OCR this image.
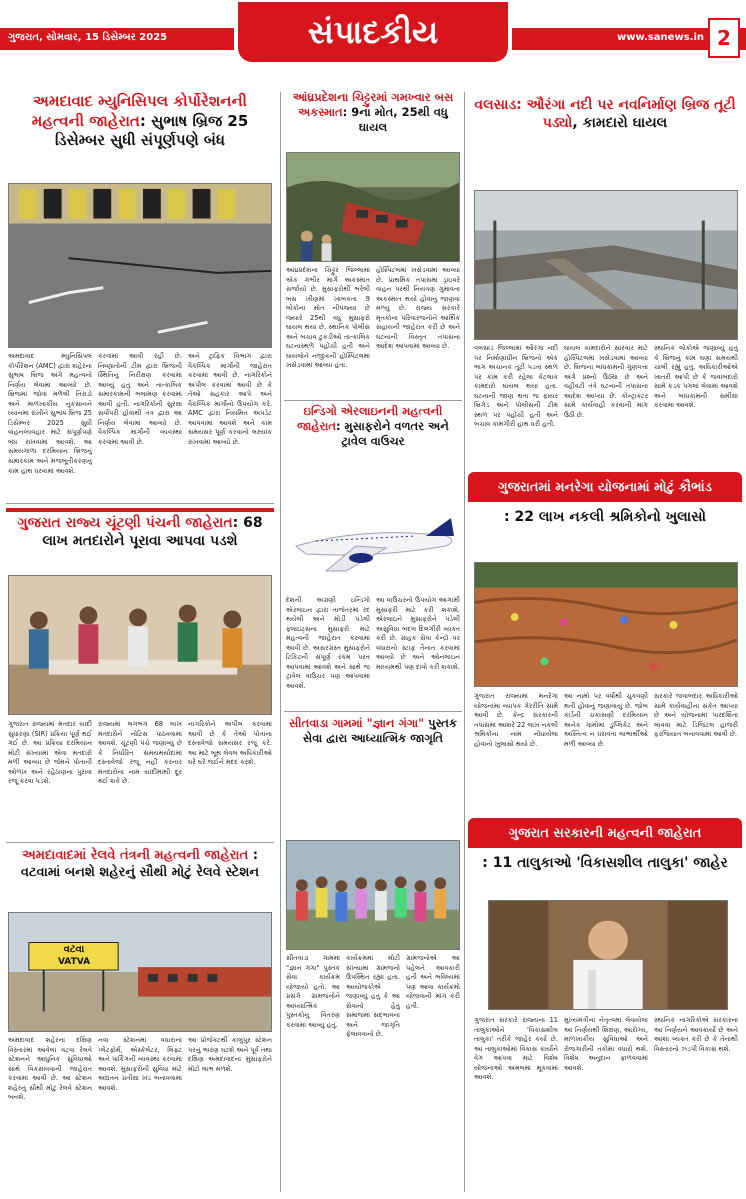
ગુજરાત, સોમવાર, 15 ડિસેમ્બર 2025	www.sanews.in 2
સંપાદકીય
અમદાવાદ મ્યુનિસિપલ કોર્પોરેશનની મહત્વની જાહેરાત: સુભાષ બ્રિજ 25 ડિસેમ્બર સુધી સંપૂર્ણપણે બંધ

અમદાવાદ મ્યુનિસિપલ કોર્પોરેશન (AMC) દ્વારા શહેરના સુભાષ બ્રિજ અંગે મહત્વનો નિર્ણય લેવામાં આવ્યો છે. બ્રિજમાં જોવા મળેલી તિરાડો અને માળખાકીય નુકસાનને ધ્યાનમાં રાખીને સુભાષ બ્રિજ 25 ડિસેમ્બર 2025 સુધી વાહનવ્યવહાર માટે સંપૂર્ણપણે બંધ રાખવામાં આવશે. આ સમયગાળા દરમિયાન બ્રિજનું સમારકામ અને મજબૂતીકરણનું કામ હાથ ધરવામાં આવશે.

કરવામાં આવી રહી છે. નિષ્ણાતોની ટીમ દ્વારા બ્રિજની સ્થિતિનું નિરીક્ષણ કરવામાં આવ્યું હતું અને તાત્કાલિક સમારકામની ભલામણ કરવામાં આવી હતી. નાગરિકોની સુરક્ષા સર્વોપરી હોવાથી તંત્ર દ્વારા આ નિર્ણય લેવામાં આવ્યો છે. વૈકલ્પિક માર્ગોની વ્યવસ્થા કરવામાં આવી છે.

અને ટ્રાફિક વિભાગ દ્વારા વૈકલ્પિક માર્ગોની જાહેરાત કરવામાં આવી છે. નાગરિકોને અપીલ કરવામાં આવી છે કે તેઓ સહકાર આપે અને વૈકલ્પિક માર્ગોનો ઉપયોગ કરે. AMC દ્વારા નિયમિત અપડેટ આપવામાં આવશે અને કામ સમયસર પૂર્ણ કરવાનો લક્ષ્યાંક રાખવામાં આવ્યો છે.

આંધ્રપ્રદેશના ચિટ્ટુરમાં ગમખ્વાર બસ અકસ્માત: 9ના મોત, 25થી વધુ ઘાયલ

આંધ્રપ્રદેશના ચિટ્ટુર જિલ્લામાં એક ગંભીર માર્ગ અકસ્માત સર્જાયો છે. મુસાફરોથી ભરેલી બસ ખીણમાં ખાબકતા 9 લોકોના મોત નીપજ્યા છે જ્યારે 25થી વધુ મુસાફરો ઘાયલ થયા છે. સ્થાનિક પોલીસ અને બચાવ ટુકડીઓ તાત્કાલિક ઘટનાસ્થળે પહોંચી હતી અને ઘાયલોને નજીકની હોસ્પિટલમાં ખસેડવામાં આવ્યા હતા.

હોસ્પિટલમાં ખસેડવામાં આવ્યા છે. પ્રાથમિક તપાસમાં ડ્રાઇવરે વાહન પરથી નિયંત્રણ ગુમાવતા અકસ્માત થયો હોવાનું જાણવા મળ્યું છે. રાજ્ય સરકારે મૃતકોના પરિવારજનોને આર્થિક સહાયની જાહેરાત કરી છે અને ઘટનાની વિસ્તૃત તપાસના આદેશ આપવામાં આવ્યા છે.

ઇન્ડિગો એરલાઇનની મહત્વની જાહેરાત: મુસાફરોને વળતર અને ટ્રાવેલ વાઉચર

દેશની અગ્રણી ઇન્ડિગો એરલાઇન દ્વારા તાજેતરમાં રદ થયેલી અને મોડી પડેલી ફ્લાઇટ્સના મુસાફરો માટે મહત્વની જાહેરાત કરવામાં આવી છે. અસરગ્રસ્ત મુસાફરોને ટિકિટની સંપૂર્ણ રકમ પરત આપવામાં આવશે અને સાથે જ ટ્રાવેલ વાઉચર પણ આપવામાં આવશે.

આ વાઉચરનો ઉપયોગ આગામી મુસાફરી માટે કરી શકાશે. એરલાઇને મુસાફરોને પડેલી અસુવિધા બદલ દિલગીરી વ્યક્ત કરી છે. ગ્રાહક સેવા કેન્દ્રો પર વધારાનો સ્ટાફ તૈનાત કરવામાં આવ્યો છે અને ઓનલાઇન માધ્યમથી પણ દાવો કરી શકાશે.

વલસાડ: ઔરંગા નદી પર નવનિર્માણ બ્રિજ તૂટી પડ્યો, કામદારો ઘાયલ

વલસાડ જિલ્લામાં ઔરંગા નદી પર નિર્માણાધીન બ્રિજનો એક ભાગ અચાનક તૂટી પડતા સ્થળ પર કામ કરી રહેલા કેટલાક કામદારો ઘાયલ થયા હતા. ઘટનાની જાણ થતા જ ફાયર બ્રિગેડ અને પોલીસની ટીમ સ્થળ પર પહોંચી હતી અને બચાવ કામગીરી હાથ ધરી હતી.

ઘાયલ કામદારોને સારવાર માટે હોસ્પિટલમાં ખસેડવામાં આવ્યા છે. બ્રિજના બાંધકામની ગુણવત્તા અંગે પ્રશ્નો ઉઠ્યા છે અને વહીવટી તંત્રે ઘટનાની તપાસના આદેશ આપ્યા છે. કોન્ટ્રાક્ટર સામે કાર્યવાહી કરવાની માંગ ઉઠી છે.

સ્થાનિક લોકોએ જણાવ્યું હતું કે બ્રિજનું કામ ઘણા સમયથી ચાલી રહ્યું હતું. અધિકારીઓએ ખાતરી આપી છે કે જવાબદારો સામે કડક પગલાં લેવામાં આવશે અને બાંધકામની સમીક્ષા કરવામાં આવશે.

ગુજરાત રાજ્ય ચૂંટણી પંચની જાહેરાત: 68 લાખ મતદારોને પૂરાવા આપવા પડશે

ગુજરાત રાજ્યમાં મતદાર યાદી સુધારણા (SIR) પ્રક્રિયા પૂર્ણ થઈ ગઈ છે. આ પ્રક્રિયા દરમિયાન મોટી સંખ્યામાં એવા મતદારો મળી આવ્યા છે જેમને પોતાની ઓળખ અને રહેઠાણના પુરાવા રજૂ કરવા પડશે.

રાજ્યમાં લગભગ 68 લાખ મતદારોને નોટિસ પાઠવવામાં આવશે. ચૂંટણી પંચે જણાવ્યું છે કે નિર્ધારિત સમયમર્યાદામાં દસ્તાવેજો રજૂ નહીં કરનાર મતદારોના નામ યાદીમાંથી દૂર થઈ શકે છે.

નાગરિકોને અપીલ કરવામાં આવી છે કે તેઓ પોતાના દસ્તાવેજો સમયસર રજૂ કરે. આ માટે બૂથ લેવલ અધિકારીઓ ઘરે ઘરે જઈને મદદ કરશે.

ગુજરાતમાં મનરેગા યોજનામાં મોટું કૌભાંડ
: 22 લાખ નકલી શ્રમિકોનો ખુલાસો

ગુજરાત રાજ્યમાં મનરેગા યોજનામાં વ્યાપક ગેરરીતિ સામે આવી છે. કેન્દ્ર સરકારની તપાસમાં આશરે 22 લાખ નકલી શ્રમિકોના નામ નોંધાયેલા હોવાનો ખુલાસો થયો છે.

આ નામો પર વર્ષોથી ચુકવણી થતી હોવાનું જણાવાયું છે. જોબ કાર્ડની ચકાસણી દરમિયાન અનેક ગામોમાં ડુપ્લિકેટ અને અસ્તિત્વ ન ધરાવતા લાભાર્થીઓ મળી આવ્યા છે.

સરકારે જવાબદાર અધિકારીઓ સામે કાર્યવાહીના સંકેત આપ્યા છે અને યોજનામાં પારદર્શિતા લાવવા માટે ડિજિટલ હાજરી ફરજિયાત બનાવવામાં આવી છે.

સીતવાડા ગામમાં "જ્ઞાન ગંગા" પુસ્તક સેવા દ્વારા આધ્યાત્મિક જાગૃતિ

સીતવાડા ગામમાં "જ્ઞાન ગંગા" પુસ્તક સેવા કાર્યક્રમ યોજાયો હતો. આ પ્રસંગે ગ્રામજનોને આધ્યાત્મિક પુસ્તકોનું વિતરણ કરવામાં આવ્યું હતું.

કાર્યક્રમમાં મોટી સંખ્યામાં ગ્રામજનો ઉપસ્થિત રહ્યા હતા. આયોજકોએ જણાવ્યું હતું કે આ સેવાનો હેતુ સમાજમાં સદ્ભાવના અને જાગૃતિ ફેલાવવાનો છે.

ગ્રામજનોએ આ પહેલને આવકારી હતી અને ભવિષ્યમાં પણ આવા કાર્યક્રમો યોજવાની માંગ કરી હતી.

અમદાવાદમાં રેલવે તંત્રની મહત્વની જાહેરાત : વટવામાં બનશે શહેરનું સૌથી મોટું રેલવે સ્ટેશન
વટવા
VATVA

અમદાવાદ શહેરના દક્ષિણ વિસ્તારમાં આવેલા વટવા રેલવે સ્ટેશનને આધુનિક સુવિધાઓ સાથે વિકસાવવાની જાહેરાત કરવામાં આવી છે. આ સ્ટેશન શહેરનું સૌથી મોટું રેલવે સ્ટેશન બનશે.

નવા સ્ટેશનમાં વધારાના પ્લેટફોર્મ, એસ્કેલેટર, લિફ્ટ અને પાર્કિંગની વ્યવસ્થા કરવામાં આવશે. મુસાફરોની સુવિધા માટે અદ્યતન પ્રતીક્ષા ખંડ બનાવવામાં આવશે.

આ પ્રોજેક્ટથી કાલુપુર સ્ટેશન પરનું ભારણ ઘટશે અને પૂર્વ તથા દક્ષિણ અમદાવાદના મુસાફરોને મોટો લાભ મળશે.

ગુજરાત સરકારની મહત્વની જાહેરાત
: 11 તાલુકાઓ 'વિકાસશીલ તાલુકા' જાહેર

ગુજરાત સરકારે રાજ્યના 11 તાલુકાઓને 'વિકાસશીલ તાલુકા' તરીકે જાહેર કર્યા છે. આ તાલુકાઓમાં વિકાસ કાર્યોને વેગ આપવા માટે વિશેષ યોજનાઓ અમલમાં મૂકવામાં આવશે.

મુખ્યમંત્રીના નેતૃત્વમાં લેવાયેલા આ નિર્ણયથી શિક્ષણ, આરોગ્ય, માળખાકીય સુવિધાઓ અને રોજગારીની તકોમાં વધારો થશે. વિશેષ અનુદાન ફાળવવામાં આવશે.

સ્થાનિક નાગરિકોએ સરકારના આ નિર્ણયને આવકાર્યો છે અને આશા વ્યક્ત કરી છે કે તેનાથી વિસ્તારનો ઝડપી વિકાસ થશે.
